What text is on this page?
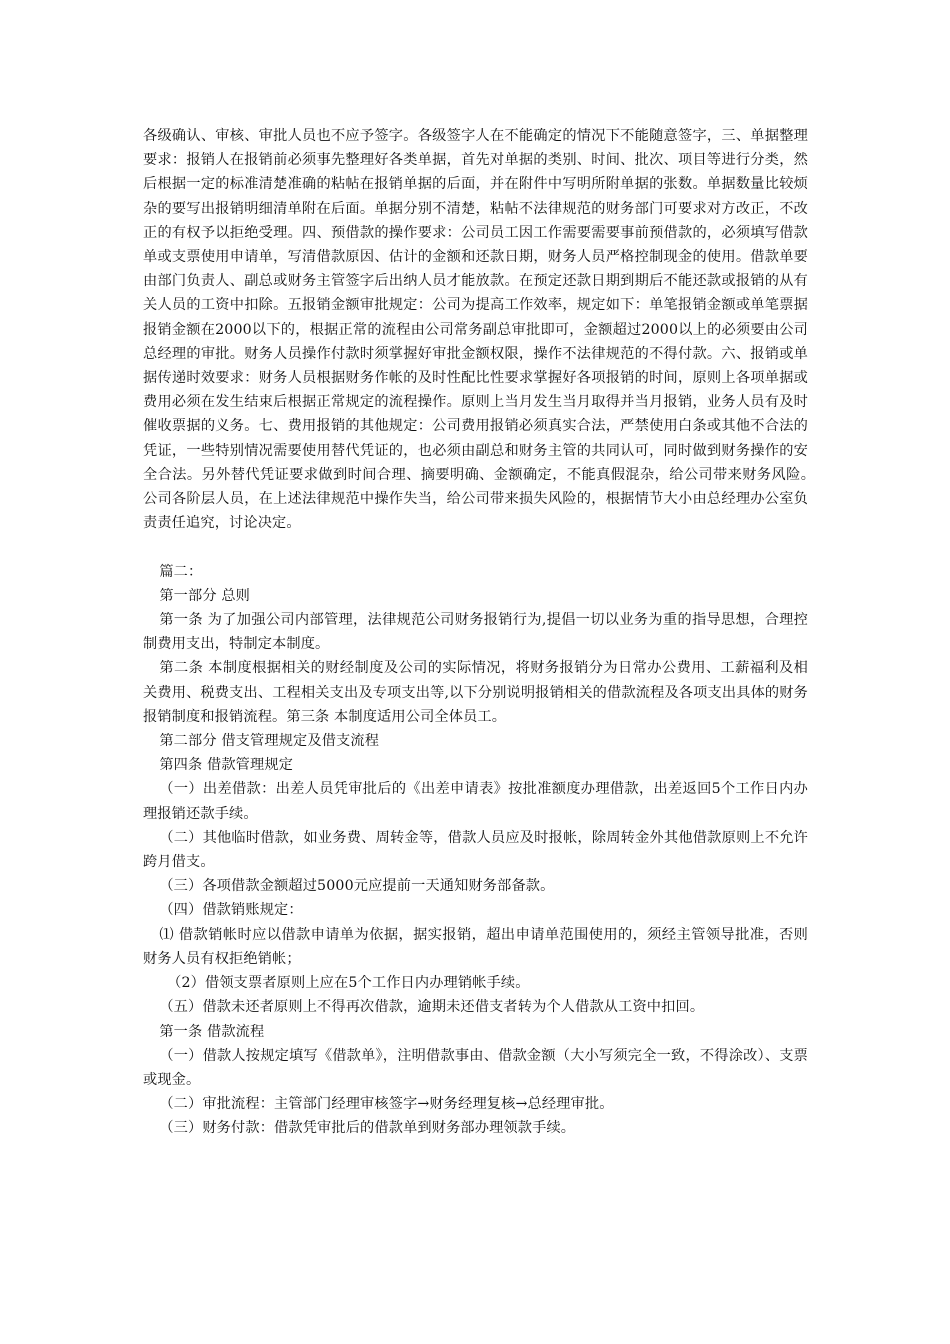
各级确认、审核、审批人员也不应予签字。各级签字人在不能确定的情况下不能随意签字，三、单据整理要求：报销人在报销前必须事先整理好各类单据，首先对单据的类别、时间、批次、项目等进行分类，然后根据一定的标准清楚准确的粘帖在报销单据的后面，并在附件中写明所附单据的张数。单据数量比较烦杂的要写出报销明细清单附在后面。单据分别不清楚，粘帖不法律规范的财务部门可要求对方改正，不改正的有权予以拒绝受理。四、预借款的操作要求：公司员工因工作需要需要事前预借款的，必须填写借款单或支票使用申请单，写清借款原因、估计的金额和还款日期，财务人员严格控制现金的使用。借款单要由部门负责人、副总或财务主管签字后出纳人员才能放款。在预定还款日期到期后不能还款或报销的从有关人员的工资中扣除。五报销金额审批规定：公司为提高工作效率，规定如下：单笔报销金额或单笔票据报销金额在2000以下的，根据正常的流程由公司常务副总审批即可，金额超过2000以上的必须要由公司总经理的审批。财务人员操作付款时须掌握好审批金额权限，操作不法律规范的不得付款。六、报销或单据传递时效要求：财务人员根据财务作帐的及时性配比性要求掌握好各项报销的时间，原则上各项单据或费用必须在发生结束后根据正常规定的流程操作。原则上当月发生当月取得并当月报销，业务人员有及时催收票据的义务。七、费用报销的其他规定：公司费用报销必须真实合法，严禁使用白条或其他不合法的凭证，一些特别情况需要使用替代凭证的，也必须由副总和财务主管的共同认可，同时做到财务操作的安全合法。另外替代凭证要求做到时间合理、摘要明确、金额确定，不能真假混杂，给公司带来财务风险。　公司各阶层人员，在上述法律规范中操作失当，给公司带来损失风险的，根据情节大小由总经理办公室负责责任追究，讨论决定。

篇二：

第一部分 总则

第一条 为了加强公司内部管理，法律规范公司财务报销行为,提倡一切以业务为重的指导思想，合理控制费用支出，特制定本制度。

第二条 本制度根据相关的财经制度及公司的实际情况，将财务报销分为日常办公费用、工薪福利及相关费用、税费支出、工程相关支出及专项支出等,以下分别说明报销相关的借款流程及各项支出具体的财务报销制度和报销流程。第三条 本制度适用公司全体员工。

第二部分 借支管理规定及借支流程

第四条 借款管理规定

（一）出差借款：出差人员凭审批后的《出差申请表》按批准额度办理借款，出差返回5个工作日内办理报销还款手续。

（二）其他临时借款，如业务费、周转金等，借款人员应及时报帐，除周转金外其他借款原则上不允许跨月借支。

（三）各项借款金额超过5000元应提前一天通知财务部备款。

（四）借款销账规定：

⑴ 借款销帐时应以借款申请单为依据，据实报销，超出申请单范围使用的，须经主管领导批准，否则财务人员有权拒绝销帐；

（2）借领支票者原则上应在5个工作日内办理销帐手续。

（五）借款未还者原则上不得再次借款，逾期未还借支者转为个人借款从工资中扣回。

第一条 借款流程

（一）借款人按规定填写《借款单》，注明借款事由、借款金额（大小写须完全一致，不得涂改）、支票或现金。

（二）审批流程：主管部门经理审核签字→财务经理复核→总经理审批。

（三）财务付款：借款凭审批后的借款单到财务部办理领款手续。
